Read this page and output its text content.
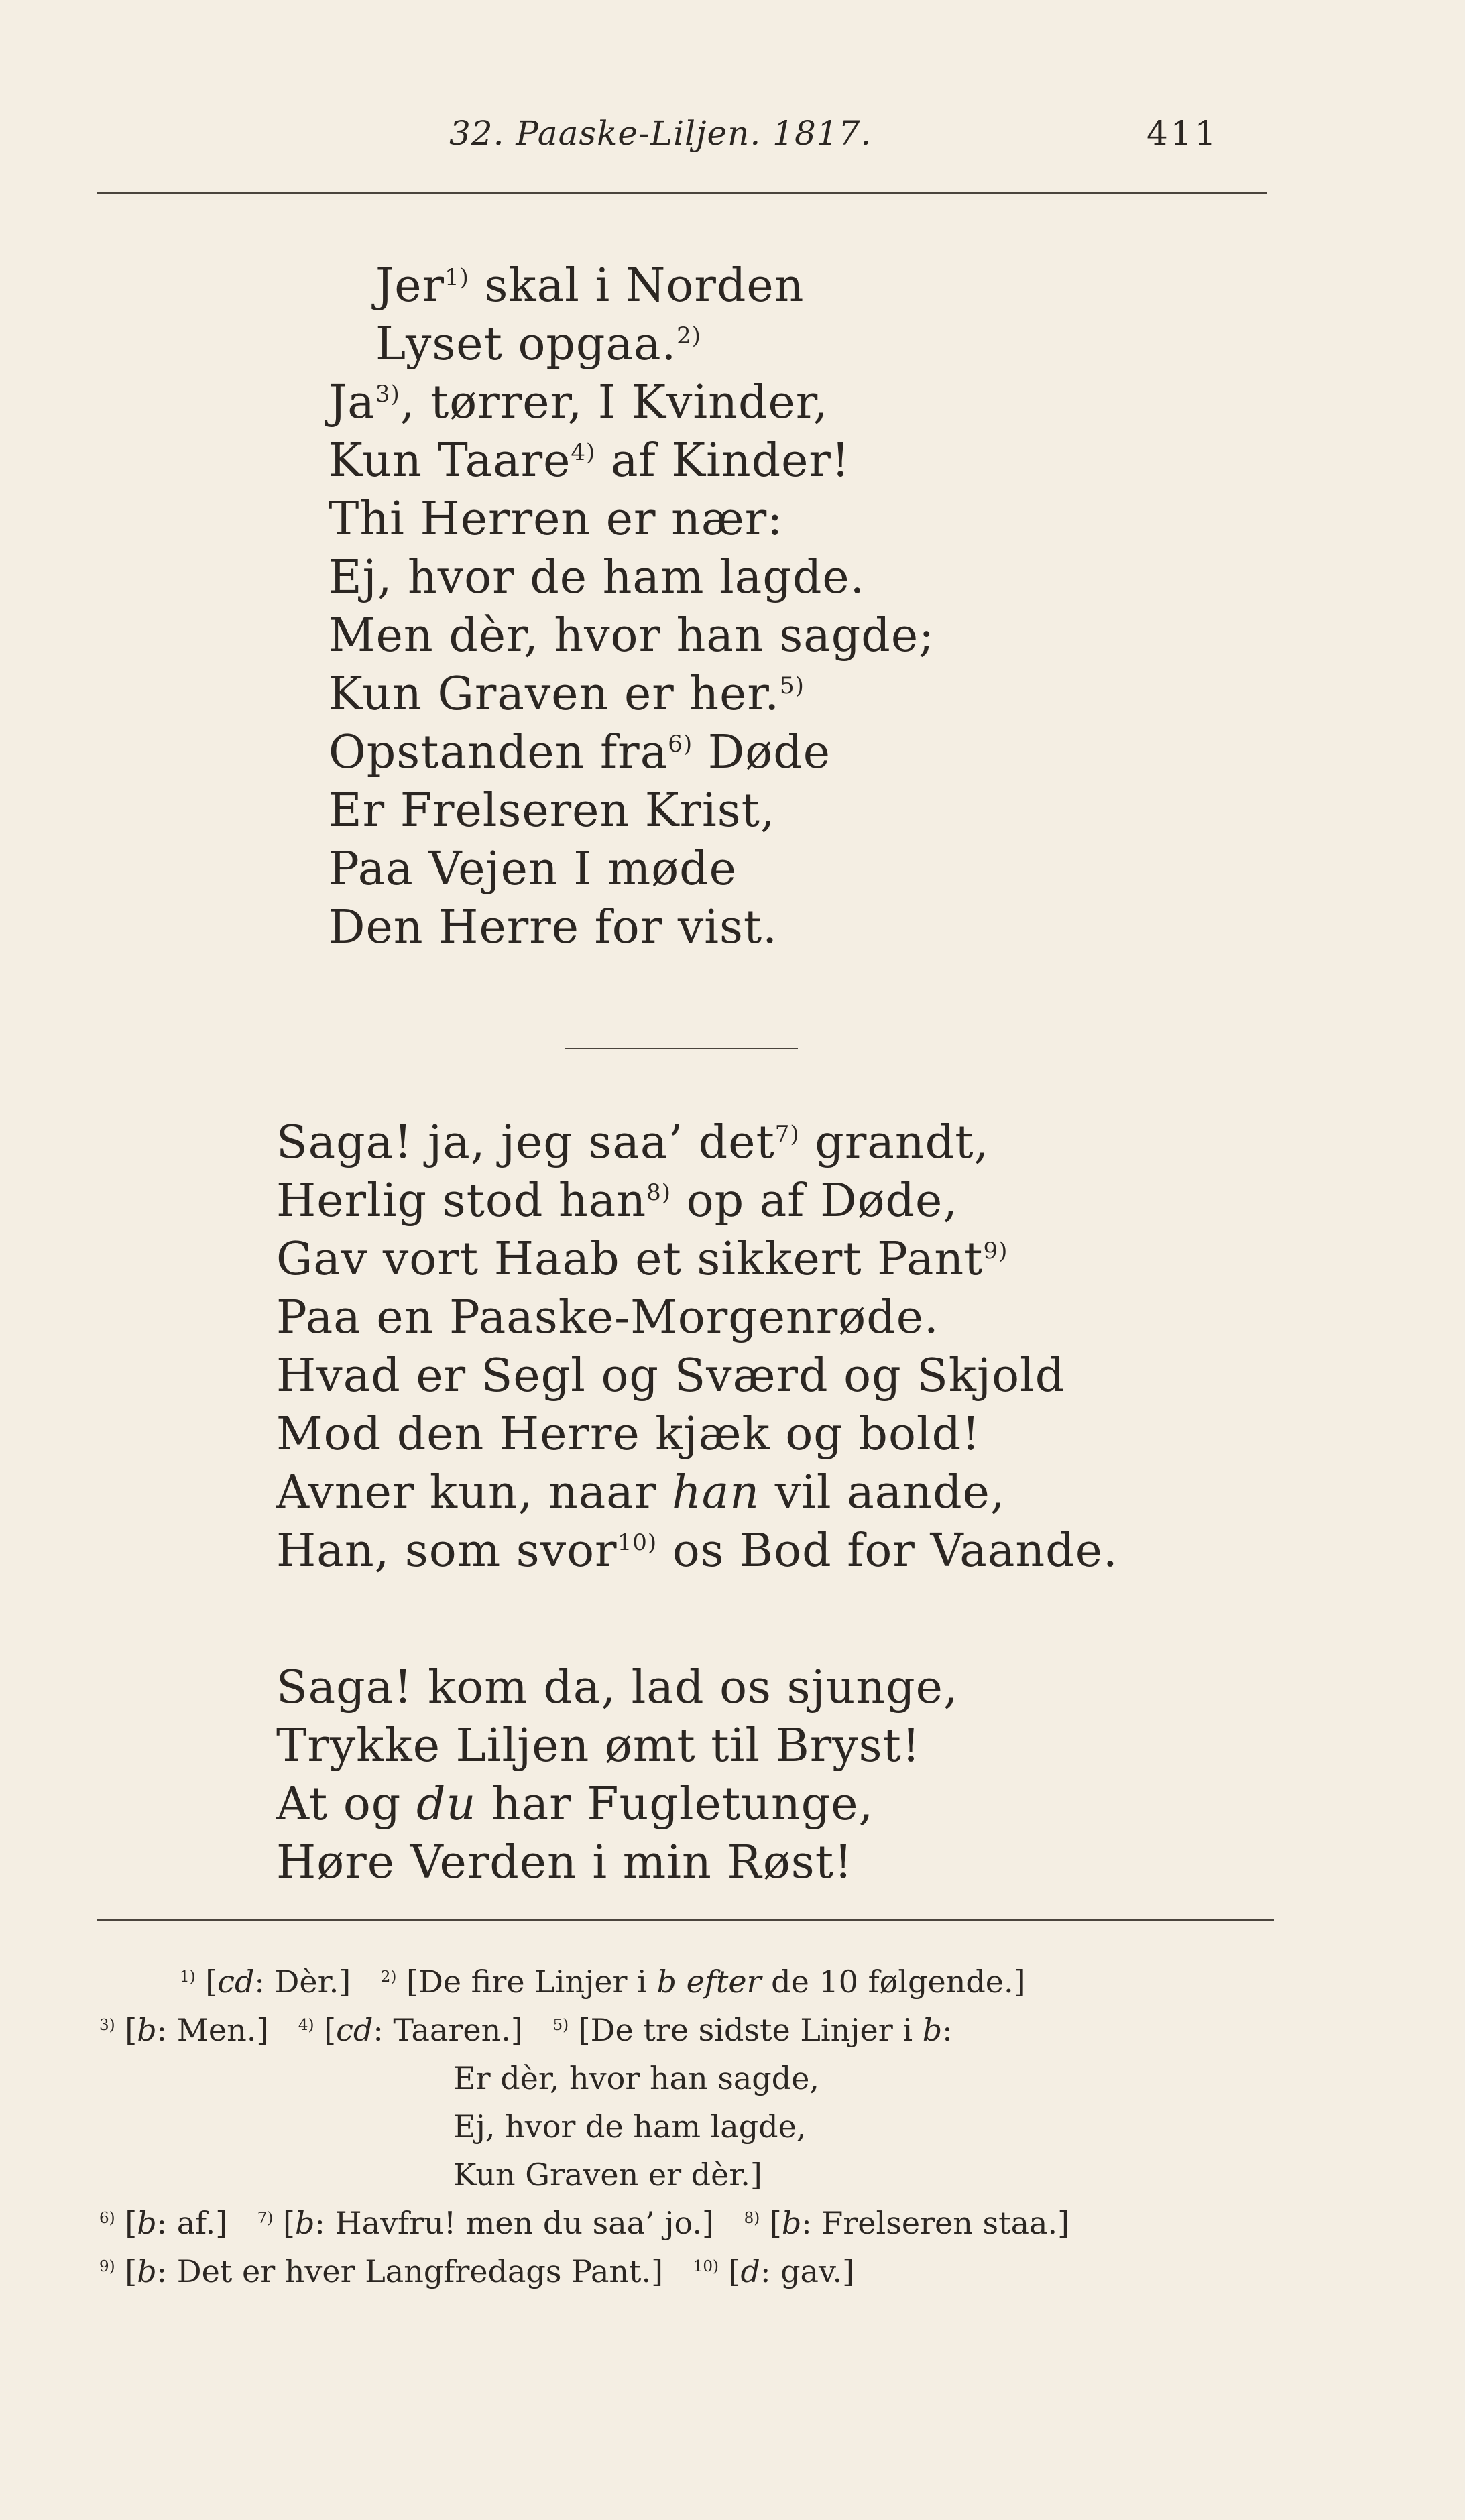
32. Paaske-Liljen. 1817.	411
Jer$^{1)}$ skal i Norden
Lyset opgaa.$^{2)}$
Ja$^{3)}$, tørrer, I Kvinder,
Kun Taare$^{4)}$ af Kinder!
Thi Herren er nær:
Ej, hvor de ham lagde.
Men dèr, hvor han sagde;
Kun Graven er her.$^{5)}$
Opstanden fra$^{6)}$ Døde
Er Frelseren Krist,
Paa Vejen I møde
Den Herre for vist.
Saga! ja, jeg saa’ $\det^{7)}$ grandt,
Herlig stod han$^{8)}$ op af Døde,
Gav vort Haab et sikkert Pant$^{9)}$
Paa en Paaske-Morgenrøde.
Hvad er Segl og Sværd og Skjold
Mod den Herre kjæk og bold!
Avner kun, naar han vil aande,
Han, som svor$^{10)}$ os Bod for Vaande.
Saga! kom da, lad os sjunge,
Trykke Liljen ømt til Bryst!
At og du har Fugletunge,
Høre Verden i min Røst!
$^{1)}$ [cd: Dèr.] $^{2)}$ [De fire Linjer i b efter de 10 følgende.]
$^{3)}$ [b: Men.] $^{4)}$ [cd: Taaren.] $^{5)}$ [De tre sidste Linjer i b:
Er dèr, hvor han sagde,
Ej, hvor de ham lagde,
Kun Graven er dèr.]
$^{6)}$ [b: af.] $^{7)}$ [b: Havfru! men du saa’ jo.] $^{8)}$ [b: Frelseren staa.]
$^{9)}$ [b: Det er hver Langfredags Pant.] $^{10)}$ [d: gav.]
